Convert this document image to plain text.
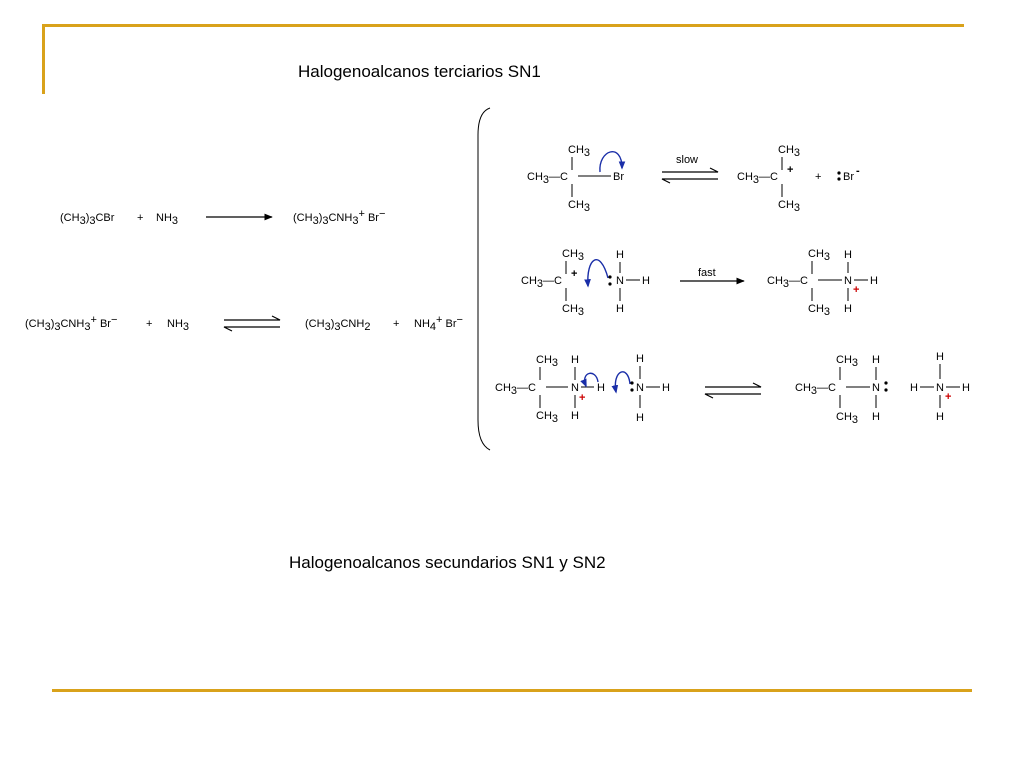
Halogenoalcanos terciarios SN1
Halogenoalcanos secundarios SN1 y SN2
(CH3)3CBr + NH3	(CH3)3CNH3+ Br−
(CH3)3CNH3+ Br−	+ NH3	(CH3)3CNH2 + NH4+ Br−
CH3
CH3—C	Br
CH3
slow
CH3
CH3—C
+
CH3
+ Br -
CH3
CH3—C
+
CH3
H
N H
H
fast
CH3
CH3—C
H
N
+
H
H
CH3
CH3
CH3—C
H
N
+
H
H
CH3
H
N H
H
CH3
CH3—C
H
N
H
CH3
H
H N
+
H
H
